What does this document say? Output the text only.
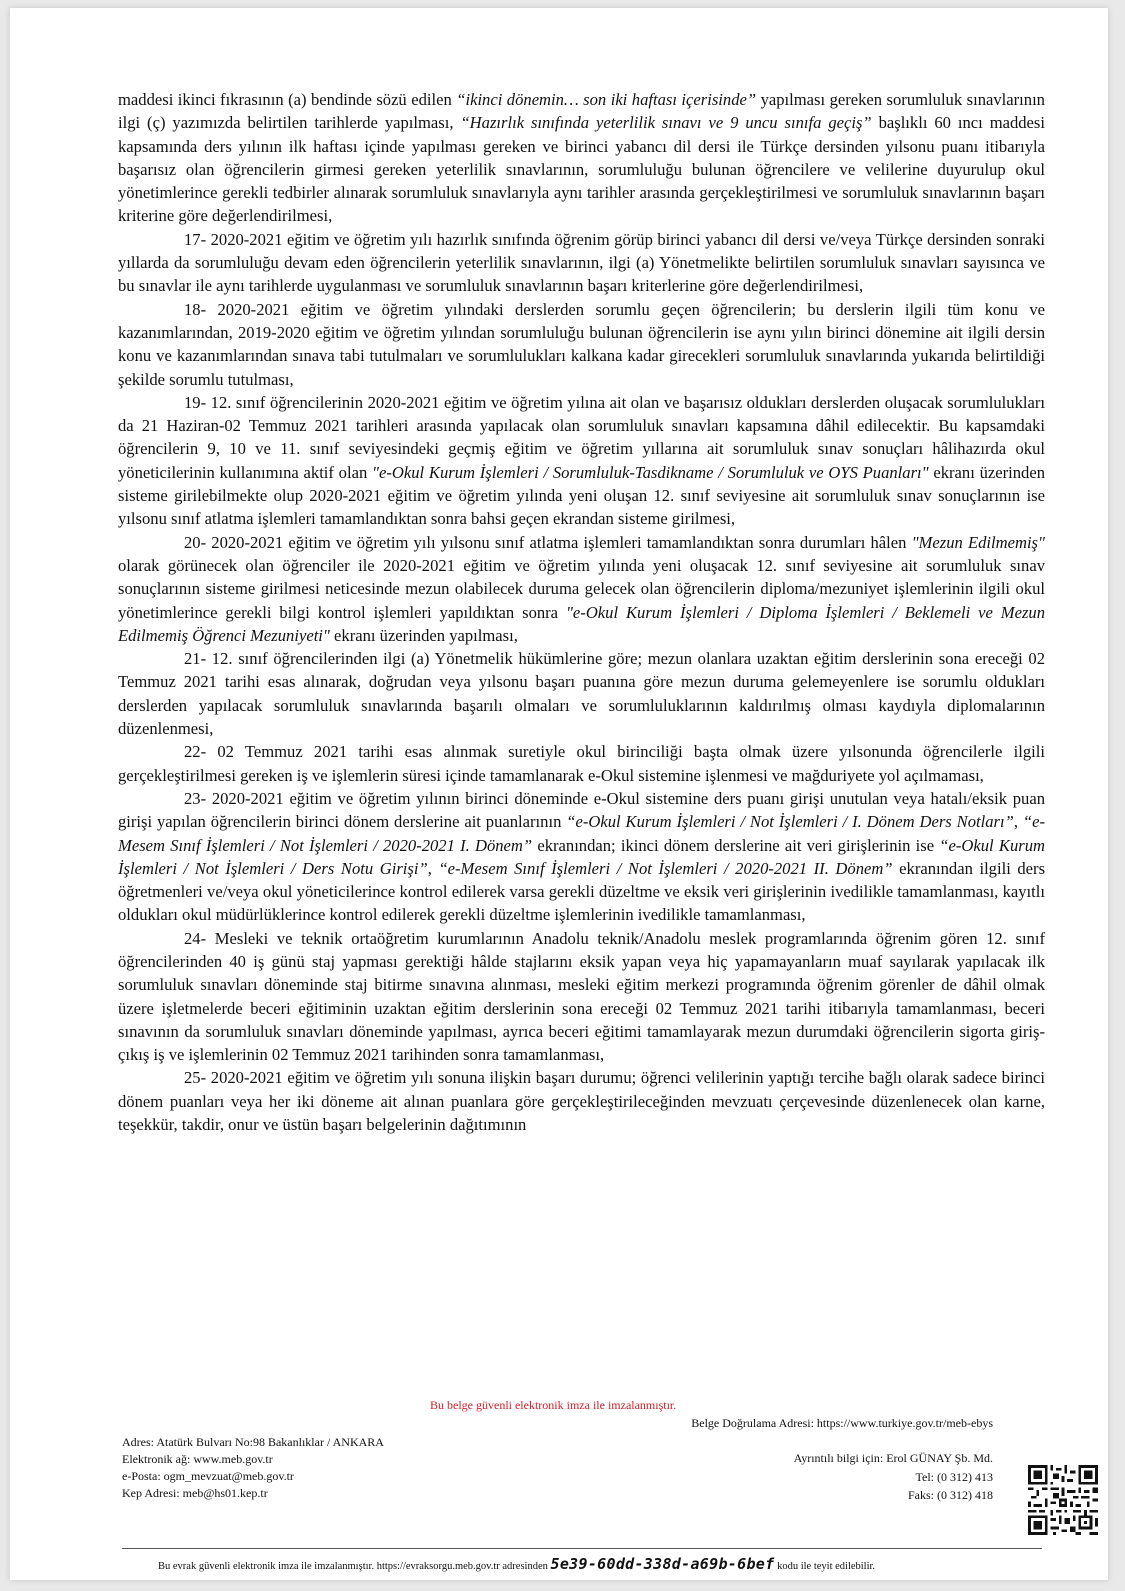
maddesi ikinci fıkrasının (a) bendinde sözü edilen “ikinci dönemin… son iki haftası içerisinde” yapılması gereken sorumluluk sınavlarının ilgi (ç) yazımızda belirtilen tarihlerde yapılması, “Hazırlık sınıfında yeterlilik sınavı ve 9 uncu sınıfa geçiş” başlıklı 60 ıncı maddesi kapsamında ders yılının ilk haftası içinde yapılması gereken ve birinci yabancı dil dersi ile Türkçe dersinden yılsonu puanı itibarıyla başarısız olan öğrencilerin girmesi gereken yeterlilik sınavlarının, sorumluluğu bulunan öğrencilere ve velilerine duyurulup okul yönetimlerince gerekli tedbirler alınarak sorumluluk sınavlarıyla aynı tarihler arasında gerçekleştirilmesi ve sorumluluk sınavlarının başarı kriterine göre değerlendirilmesi,

17- 2020-2021 eğitim ve öğretim yılı hazırlık sınıfında öğrenim görüp birinci yabancı dil dersi ve/veya Türkçe dersinden sonraki yıllarda da sorumluluğu devam eden öğrencilerin yeterlilik sınavlarının, ilgi (a) Yönetmelikte belirtilen sorumluluk sınavları sayısınca ve bu sınavlar ile aynı tarihlerde uygulanması ve sorumluluk sınavlarının başarı kriterlerine göre değerlendirilmesi,

18- 2020-2021 eğitim ve öğretim yılındaki derslerden sorumlu geçen öğrencilerin; bu derslerin ilgili tüm konu ve kazanımlarından, 2019-2020 eğitim ve öğretim yılından sorumluluğu bulunan öğrencilerin ise aynı yılın birinci dönemine ait ilgili dersin konu ve kazanımlarından sınava tabi tutulmaları ve sorumlulukları kalkana kadar girecekleri sorumluluk sınavlarında yukarıda belirtildiği şekilde sorumlu tutulması,

19- 12. sınıf öğrencilerinin 2020-2021 eğitim ve öğretim yılına ait olan ve başarısız oldukları derslerden oluşacak sorumlulukları da 21 Haziran-02 Temmuz 2021 tarihleri arasında yapılacak olan sorumluluk sınavları kapsamına dâhil edilecektir. Bu kapsamdaki öğrencilerin 9, 10 ve 11. sınıf seviyesindeki geçmiş eğitim ve öğretim yıllarına ait sorumluluk sınav sonuçları hâlihazırda okul yöneticilerinin kullanımına aktif olan "e-Okul Kurum İşlemleri / Sorumluluk-Tasdikname / Sorumluluk ve OYS Puanları" ekranı üzerinden sisteme girilebilmekte olup 2020-2021 eğitim ve öğretim yılında yeni oluşan 12. sınıf seviyesine ait sorumluluk sınav sonuçlarının ise yılsonu sınıf atlatma işlemleri tamamlandıktan sonra bahsi geçen ekrandan sisteme girilmesi,

20- 2020-2021 eğitim ve öğretim yılı yılsonu sınıf atlatma işlemleri tamamlandıktan sonra durumları hâlen "Mezun Edilmemiş" olarak görünecek olan öğrenciler ile 2020-2021 eğitim ve öğretim yılında yeni oluşacak 12. sınıf seviyesine ait sorumluluk sınav sonuçlarının sisteme girilmesi neticesinde mezun olabilecek duruma gelecek olan öğrencilerin diploma/mezuniyet işlemlerinin ilgili okul yönetimlerince gerekli bilgi kontrol işlemleri yapıldıktan sonra "e-Okul Kurum İşlemleri / Diploma İşlemleri / Beklemeli ve Mezun Edilmemiş Öğrenci Mezuniyeti" ekranı üzerinden yapılması,

21- 12. sınıf öğrencilerinden ilgi (a) Yönetmelik hükümlerine göre; mezun olanlara uzaktan eğitim derslerinin sona ereceği 02 Temmuz 2021 tarihi esas alınarak, doğrudan veya yılsonu başarı puanına göre mezun duruma gelemeyenlere ise sorumlu oldukları derslerden yapılacak sorumluluk sınavlarında başarılı olmaları ve sorumluluklarının kaldırılmış olması kaydıyla diplomalarının düzenlenmesi,

22- 02 Temmuz 2021 tarihi esas alınmak suretiyle okul birinciliği başta olmak üzere yılsonunda öğrencilerle ilgili gerçekleştirilmesi gereken iş ve işlemlerin süresi içinde tamamlanarak e-Okul sistemine işlenmesi ve mağduriyete yol açılmaması,

23- 2020-2021 eğitim ve öğretim yılının birinci döneminde e-Okul sistemine ders puanı girişi unutulan veya hatalı/eksik puan girişi yapılan öğrencilerin birinci dönem derslerine ait puanlarının “e-Okul Kurum İşlemleri / Not İşlemleri / I. Dönem Ders Notları”, “e-Mesem Sınıf İşlemleri / Not İşlemleri / 2020-2021 I. Dönem” ekranından; ikinci dönem derslerine ait veri girişlerinin ise “e-Okul Kurum İşlemleri / Not İşlemleri / Ders Notu Girişi”, “e-Mesem Sınıf İşlemleri / Not İşlemleri / 2020-2021 II. Dönem” ekranından ilgili ders öğretmenleri ve/veya okul yöneticilerince kontrol edilerek varsa gerekli düzeltme ve eksik veri girişlerinin ivedilikle tamamlanması, kayıtlı oldukları okul müdürlüklerince kontrol edilerek gerekli düzeltme işlemlerinin ivedilikle tamamlanması,

24- Mesleki ve teknik ortaöğretim kurumlarının Anadolu teknik/Anadolu meslek programlarında öğrenim gören 12. sınıf öğrencilerinden 40 iş günü staj yapması gerektiği hâlde stajlarını eksik yapan veya hiç yapamayanların muaf sayılarak yapılacak ilk sorumluluk sınavları döneminde staj bitirme sınavına alınması, mesleki eğitim merkezi programında öğrenim görenler de dâhil olmak üzere işletmelerde beceri eğitiminin uzaktan eğitim derslerinin sona ereceği 02 Temmuz 2021 tarihi itibarıyla tamamlanması, beceri sınavının da sorumluluk sınavları döneminde yapılması, ayrıca beceri eğitimi tamamlayarak mezun durumdaki öğrencilerin sigorta giriş-çıkış iş ve işlemlerinin 02 Temmuz 2021 tarihinden sonra tamamlanması,

25- 2020-2021 eğitim ve öğretim yılı sonuna ilişkin başarı durumu; öğrenci velilerinin yaptığı tercihe bağlı olarak sadece birinci dönem puanları veya her iki döneme ait alınan puanlara göre gerçekleştirileceğinden mevzuatı çerçevesinde düzenlenecek olan karne, teşekkür, takdir, onur ve üstün başarı belgelerinin dağıtımının

Bu belge güvenli elektronik imza ile imzalanmıştır.
Belge Doğrulama Adresi: https://www.turkiye.gov.tr/meb-ebys
Ayrıntılı bilgi için: Erol GÜNAY Şb. Md.
Tel: (0 312) 413
Faks: (0 312) 418
Adres: Atatürk Bulvarı No:98 Bakanlıklar / ANKARA
Elektronik ağ: www.meb.gov.tr
e-Posta: ogm_mevzuat@meb.gov.tr
Kep Adresi: meb@hs01.kep.tr
Bu evrak güvenli elektronik imza ile imzalanmıştır. https://evraksorgu.meb.gov.tr adresinden 5e39-60dd-338d-a69b-6bef kodu ile teyit edilebilir.
